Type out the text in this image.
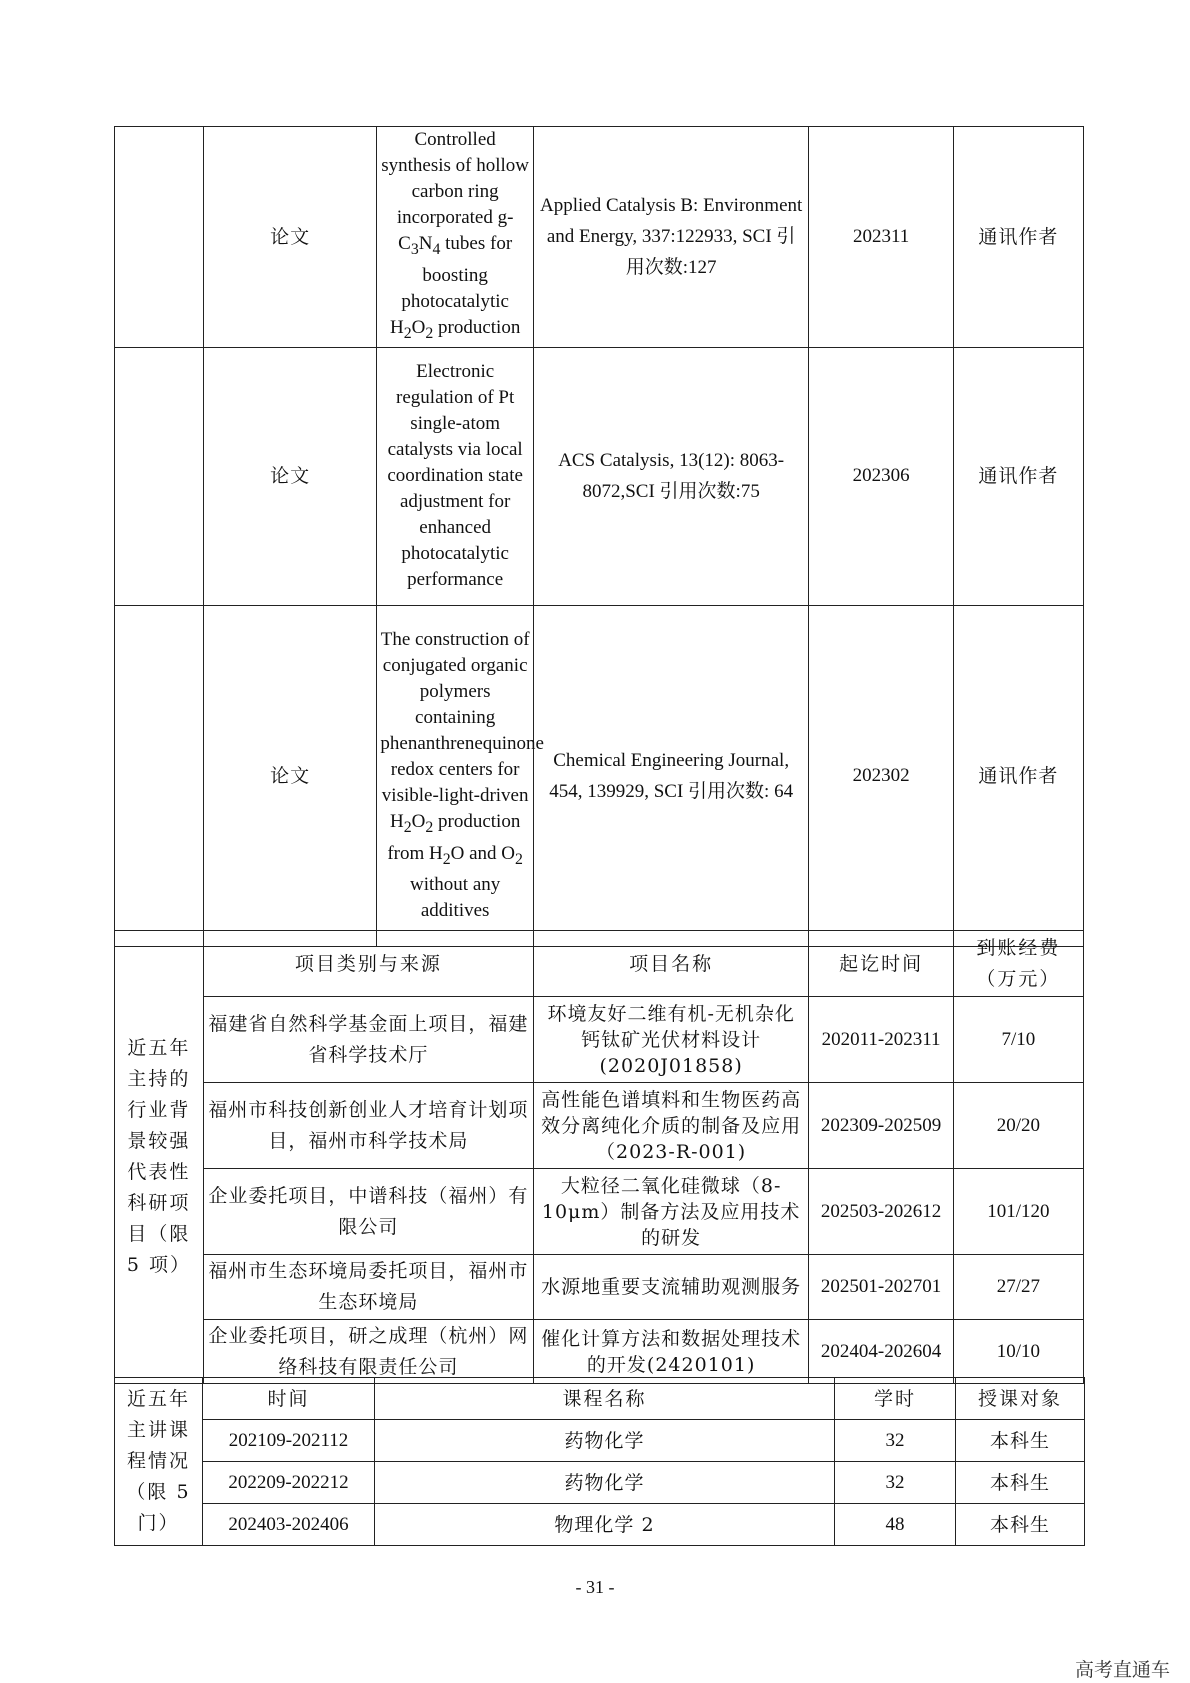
	论文	Controlled synthesis of hollow carbon ring incorporated $g-C_3N_4$ tubes for boosting photocatalytic $H_2O_2$ production	Applied Catalysis B: Environment and Energy, 337:122933, SCI 引用次数:127	202311	通讯作者
	论文	Electronic regulation of Pt single-atom catalysts via local coordination state adjustment for enhanced photocatalytic performance	ACS Catalysis, 13(12): 8063-8072,SCI 引用次数:75	202306	通讯作者
	论文	The construction of conjugated organic polymers containing phenanthrenequinone redox centers for visible-light-driven $H_2O_2$ production from $H_2O$ and $O_2$ without any additives	Chemical Engineering Journal, 454, 139929, SCI 引用次数: 64	202302	通讯作者
近五年主持的行业背景较强代表性科研项目（限 5 项）	项目类别与来源	项目名称	起讫时间	到账经费（万元）
	福建省自然科学基金面上项目，福建省科学技术厅	环境友好二维有机-无机杂化钙钛矿光伏材料设计(2020J01858)	202011-202311	7/10
	福州市科技创新创业人才培育计划项目，福州市科学技术局	高性能色谱填料和生物医药高效分离纯化介质的制备及应用（2023-R-001)	202309-202509	20/20
	企业委托项目，中谱科技（福州）有限公司	大粒径二氧化硅微球（8-10μm）制备方法及应用技术的研发	202503-202612	101/120
	福州市生态环境局委托项目，福州市生态环境局	水源地重要支流辅助观测服务	202501-202701	27/27
	企业委托项目，研之成理（杭州）网络科技有限责任公司	催化计算方法和数据处理技术的开发(2420101)	202404-202604	10/10
近五年主讲课程情况（限 5 门）	时间	课程名称	学时	授课对象
	202109-202112	药物化学	32	本科生
	202209-202212	药物化学	32	本科生
	202403-202406	物理化学 2	48	本科生
- 31 -
高考直通车
